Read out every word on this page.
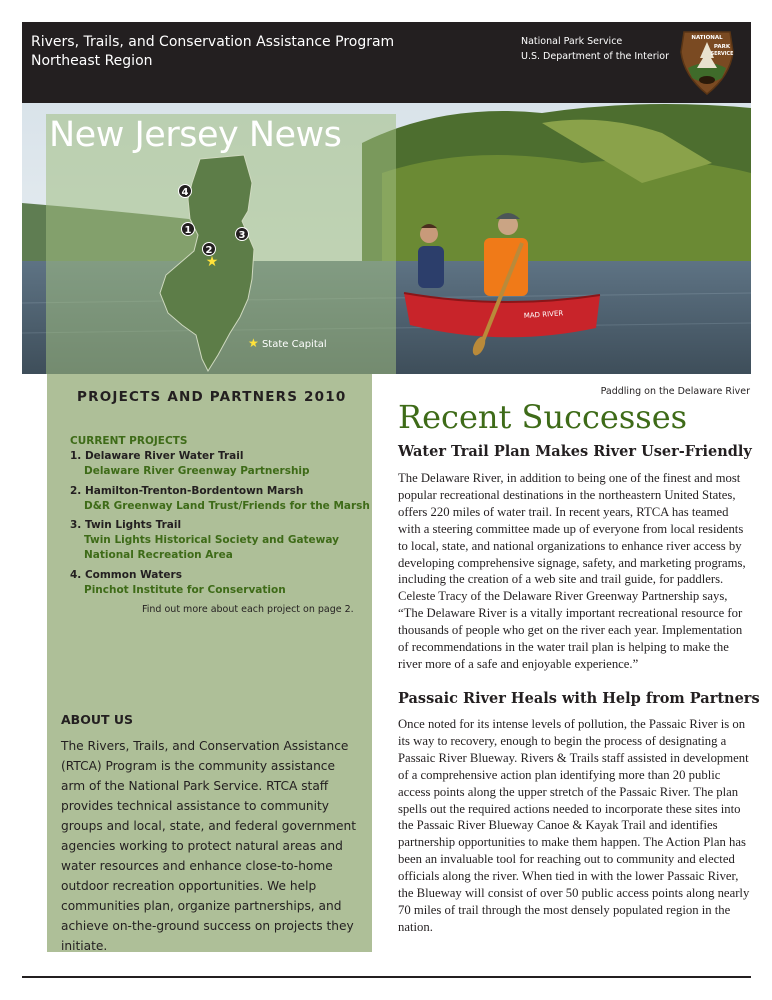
Rivers, Trails, and Conservation Assistance Program
Northeast Region
National Park Service
U.S. Department of the Interior
NATIONAL
PARK
SERVICE
MAD RIVER
New Jersey News
4
1
2
3
★
★ State Capital
Paddling on the Delaware River
PROJECTS AND PARTNERS 2010
CURRENT PROJECTS
1. Delaware River Water Trail
Delaware River Greenway Partnership
2. Hamilton-Trenton-Bordentown Marsh
D&R Greenway Land Trust/Friends for the Marsh
3. Twin Lights Trail
Twin Lights Historical Society and Gateway National Recreation Area
4. Common Waters
Pinchot Institute for Conservation
Find out more about each project on page 2.
ABOUT US
The Rivers, Trails, and Conservation Assistance (RTCA) Program is the community assistance arm of the National Park Service. RTCA staff provides technical assistance to community groups and local, state, and federal government agencies working to protect natural areas and water resources and enhance close-to-home outdoor recreation opportunities. We help communities plan, organize partnerships, and achieve on-the-ground success on projects they initiate.
Recent Successes
Water Trail Plan Makes River User-Friendly
The Delaware River, in addition to being one of the finest and most popular recreational destinations in the northeastern United States, offers 220 miles of water trail. In recent years, RTCA has teamed with a steering committee made up of everyone from local residents to local, state, and national organizations to enhance river access by developing comprehensive signage, safety, and marketing programs, including the creation of a web site and trail guide, for paddlers. Celeste Tracy of the Delaware River Greenway Partnership says, “The Delaware River is a vitally important recreational resource for thousands of people who get on the river each year. Implementation of recommendations in the water trail plan is helping to make the river more of a safe and enjoyable experience.”
Passaic River Heals with Help from Partners
Once noted for its intense levels of pollution, the Passaic River is on its way to recovery, enough to begin the process of designating a Passaic River Blueway. Rivers & Trails staff assisted in development of a comprehensive action plan identifying more than 20 public access points along the upper stretch of the Passaic River. The plan spells out the required actions needed to incorporate these sites into the Passaic River Blueway Canoe & Kayak Trail and identifies partnership opportunities to make them happen. The Action Plan has been an invaluable tool for reaching out to community and elected officials along the river. When tied in with the lower Passaic River, the Blueway will consist of over 50 public access points along nearly 70 miles of trail through the most densely populated region in the nation.
